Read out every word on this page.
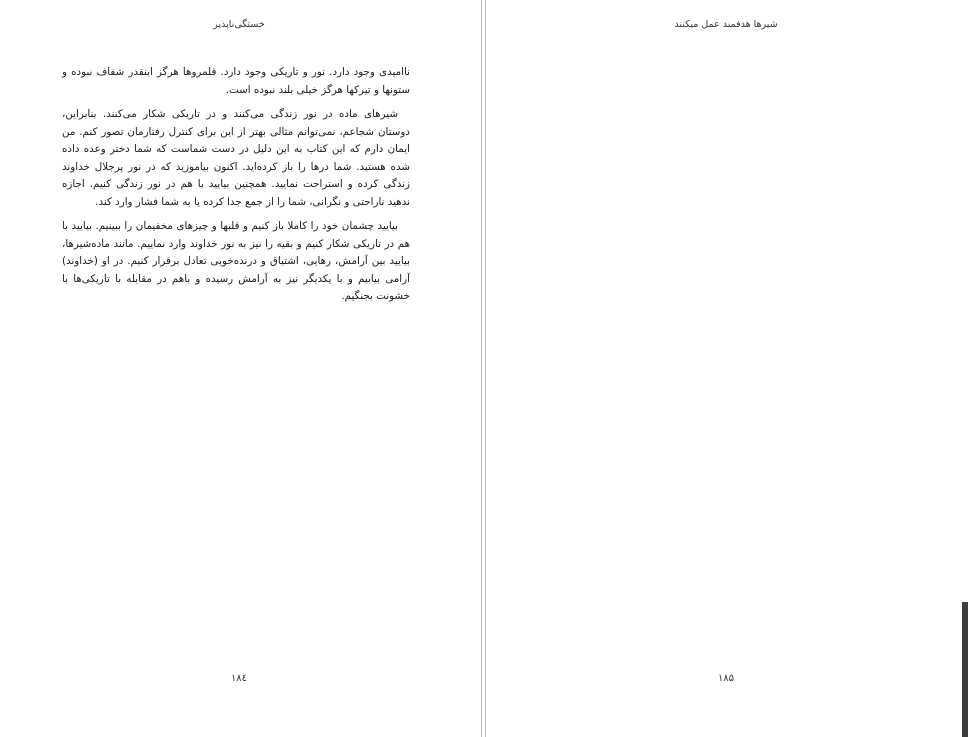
خستگی‌ناپذیر

ناامیدی وجود دارد. نور و تاریکی وجود دارد. قلمروها هرگز اینقدر شفاف نبوده و ستونها و تیرکها هرگز خیلی بلند نبوده است.

شیرهای ماده در نور زندگی می‌کنند و در تاریکی شکار می‌کنند. بنابراین، دوستان شجاعم، نمی‌توانم مثالی بهتر از این برای کنترل رفتارمان تصور کنم. من ایمان دارم که این کتاب به این دلیل در دست شماست که شما دختر وعده داده شده هستید. شما درها را باز کرده‌اید. اکنون بیاموزید که در نور پرجلال خداوند زندگی کرده و استراحت نمایید. همچنین بیایید با هم در نور زندگی کنیم. اجازه ندهید ناراحتی و نگرانی، شما را از جمع جدا کرده یا به شما فشار وارد کند.

بیایید چشمان خود را کاملا باز کنیم و قلبها و چیزهای مخفیمان را ببینیم. بیایید با هم در تاریکی شکار کنیم و بقیه را نیز به نور خداوند وارد نماییم. مانند ماده‌شیرها، بیایید بین آرامش، رهایی، اشتیاق و درنده‌خویی تعادل برقرار کنیم. در او (خداوند) آرامی بیابیم و با یکدیگر نیز به آرامش رسیده و باهم در مقابله با تاریکی‌ها با خشونت بجنگیم.

۱۸٤
شیرها هدفمند عمل میکنند
۱۸۵
